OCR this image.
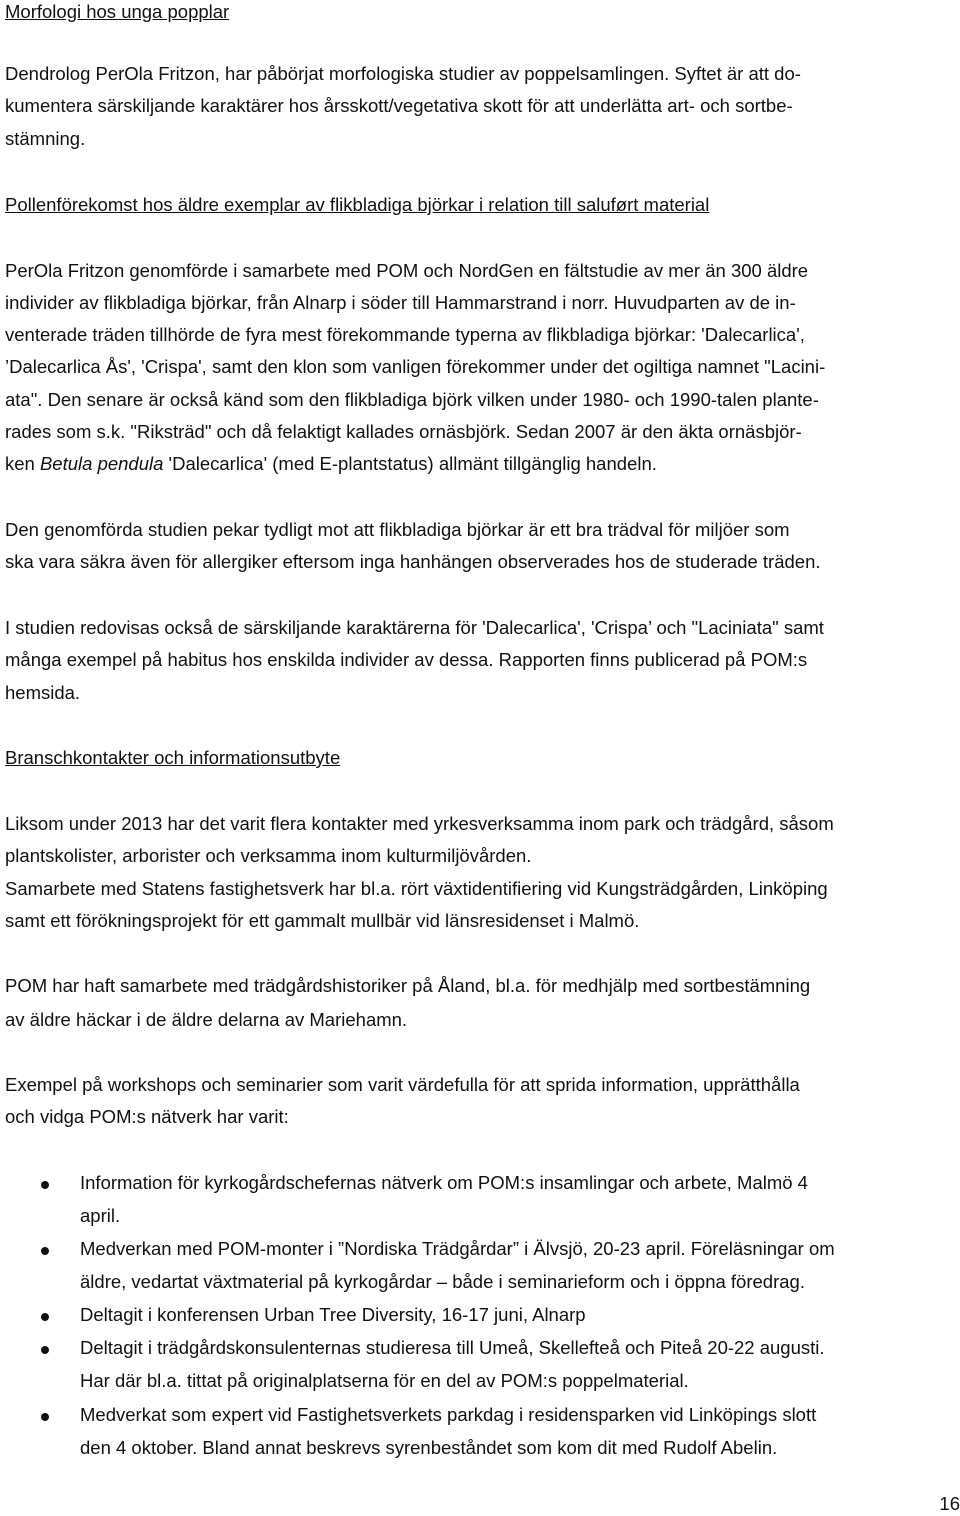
Morfologi hos unga popplar
Dendrolog PerOla Fritzon, har påbörjat morfologiska studier av poppelsamlingen. Syftet är att do-
kumentera särskiljande karaktärer hos årsskott/vegetativa skott för att underlätta art- och sortbe-
stämning.
Pollenförekomst hos äldre exemplar av flikbladiga björkar i relation till saluført material
PerOla Fritzon genomförde i samarbete med POM och NordGen en fältstudie av mer än 300 äldre
individer av flikbladiga björkar, från Alnarp i söder till Hammarstrand i norr. Huvudparten av de in-
venterade träden tillhörde de fyra mest förekommande typerna av flikbladiga björkar: 'Dalecarlica',
’Dalecarlica Ås', 'Crispa', samt den klon som vanligen förekommer under det ogiltiga namnet "Lacini-
ata". Den senare är också känd som den flikbladiga björk vilken under 1980- och 1990-talen plante-
rades som s.k. "Riksträd" och då felaktigt kallades ornäsbjörk. Sedan 2007 är den äkta ornäsbjör-
ken Betula pendula 'Dalecarlica' (med E-plantstatus) allmänt tillgänglig handeln.
Den genomförda studien pekar tydligt mot att flikbladiga björkar är ett bra trädval för miljöer som
ska vara säkra även för allergiker eftersom inga hanhängen observerades hos de studerade träden.
I studien redovisas också de särskiljande karaktärerna för 'Dalecarlica', 'Crispa’ och "Laciniata" samt
många exempel på habitus hos enskilda individer av dessa. Rapporten finns publicerad på POM:s
hemsida.
Branschkontakter och informationsutbyte
Liksom under 2013 har det varit flera kontakter med yrkesverksamma inom park och trädgård, såsom
plantskolister, arborister och verksamma inom kulturmiljövården.
Samarbete med Statens fastighetsverk har bl.a. rört växtidentifiering vid Kungsträdgården, Linköping
samt ett förökningsprojekt för ett gammalt mullbär vid länsresidenset i Malmö.
POM har haft samarbete med trädgårdshistoriker på Åland, bl.a. för medhjälp med sortbestämning
av äldre häckar i de äldre delarna av Mariehamn.
Exempel på workshops och seminarier som varit värdefulla för att sprida information, upprätthålla
och vidga POM:s nätverk har varit:
Information för kyrkogårdschefernas nätverk om POM:s insamlingar och arbete, Malmö 4
april.
Medverkan med POM-monter i ”Nordiska Trädgårdar” i Älvsjö, 20-23 april. Föreläsningar om
äldre, vedartat växtmaterial på kyrkogårdar – både i seminarieform och i öppna föredrag.
Deltagit i konferensen Urban Tree Diversity, 16-17 juni, Alnarp
Deltagit i trädgårdskonsulenternas studieresa till Umeå, Skellefteå och Piteå 20-22 augusti.
Har där bl.a. tittat på originalplatserna för en del av POM:s poppelmaterial.
Medverkat som expert vid Fastighetsverkets parkdag i residensparken vid Linköpings slott
den 4 oktober. Bland annat beskrevs syrenbeståndet som kom dit med Rudolf Abelin.
16
